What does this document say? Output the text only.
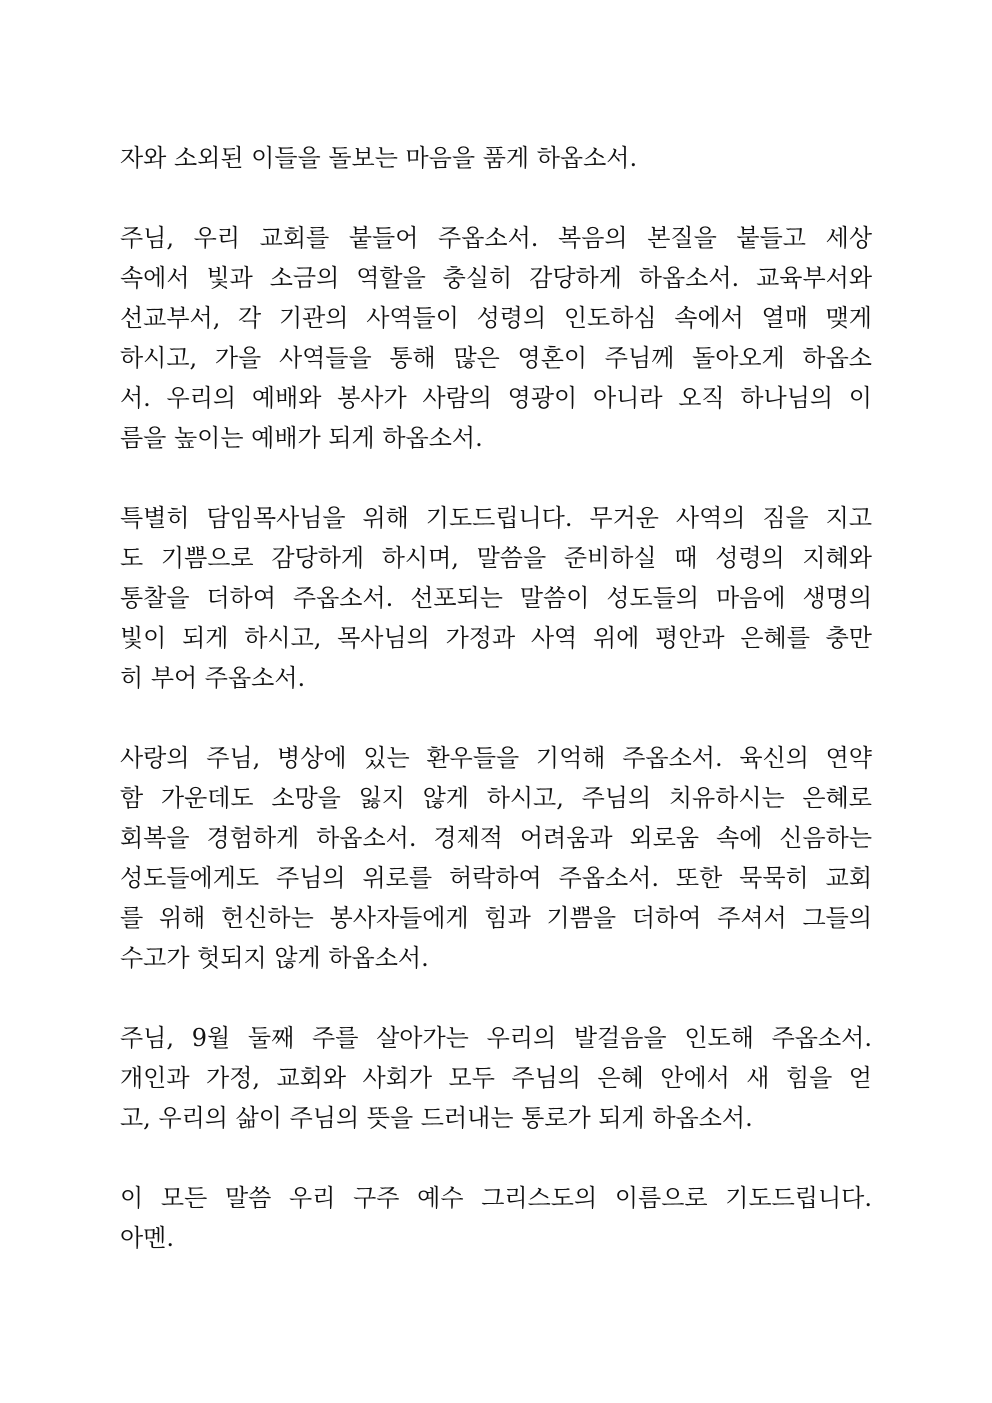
자와 소외된 이들을 돌보는 마음을 품게 하옵소서.
주님, 우리 교회를 붙들어 주옵소서. 복음의 본질을 붙들고 세상
속에서 빛과 소금의 역할을 충실히 감당하게 하옵소서. 교육부서와
선교부서, 각 기관의 사역들이 성령의 인도하심 속에서 열매 맺게
하시고, 가을 사역들을 통해 많은 영혼이 주님께 돌아오게 하옵소
서. 우리의 예배와 봉사가 사람의 영광이 아니라 오직 하나님의 이
름을 높이는 예배가 되게 하옵소서.
특별히 담임목사님을 위해 기도드립니다. 무거운 사역의 짐을 지고
도 기쁨으로 감당하게 하시며, 말씀을 준비하실 때 성령의 지혜와
통찰을 더하여 주옵소서. 선포되는 말씀이 성도들의 마음에 생명의
빛이 되게 하시고, 목사님의 가정과 사역 위에 평안과 은혜를 충만
히 부어 주옵소서.
사랑의 주님, 병상에 있는 환우들을 기억해 주옵소서. 육신의 연약
함 가운데도 소망을 잃지 않게 하시고, 주님의 치유하시는 은혜로
회복을 경험하게 하옵소서. 경제적 어려움과 외로움 속에 신음하는
성도들에게도 주님의 위로를 허락하여 주옵소서. 또한 묵묵히 교회
를 위해 헌신하는 봉사자들에게 힘과 기쁨을 더하여 주셔서 그들의
수고가 헛되지 않게 하옵소서.
주님, 9월 둘째 주를 살아가는 우리의 발걸음을 인도해 주옵소서.
개인과 가정, 교회와 사회가 모두 주님의 은혜 안에서 새 힘을 얻
고, 우리의 삶이 주님의 뜻을 드러내는 통로가 되게 하옵소서.
이 모든 말씀 우리 구주 예수 그리스도의 이름으로 기도드립니다.
아멘.
